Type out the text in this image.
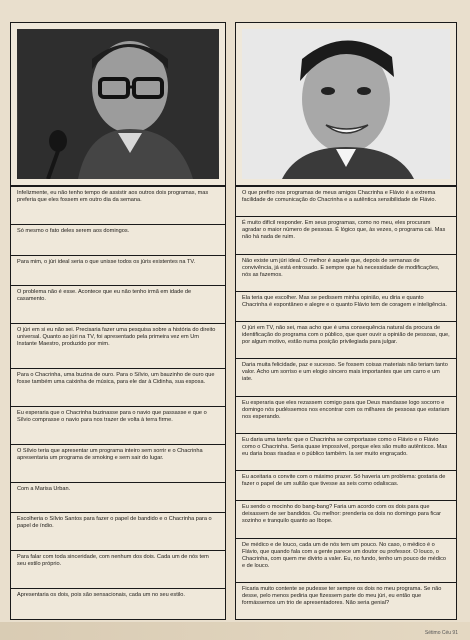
Infelizmente, eu não tenho tempo de assistir aos outros dois programas, mas preferia que eles fossem em outro dia da semana.
Só mesmo o fato deles serem aos domingos.
Para mim, o júri ideal seria o que unisse todos os júris existentes na TV.
O problema não é esse. Acontece que eu não tenho irmã em idade de casamento.
O júri em si eu não sei. Precisaria fazer uma pesquisa sobre a história do direito universal. Quanto ao júri na TV, foi apresentado pela primeira vez em Um Instante Maestro, produzido por mim.
Para o Chacrinha, uma buzina de ouro. Para o Sílvio, um bauzinho de ouro que fosse também uma caixinha de música, para ele dar à Cidinha, sua esposa.
Eu esperaria que o Chacrinha buzinasse para o navio que passasse e que o Sílvio comprasse o navio para nos trazer de volta à terra firme.
O Sílvio teria que apresentar um programa inteiro sem sorrir e o Chacrinha apresentaria um programa de smoking e sem sair do lugar.
Com a Marisa Urban.
Escolheria o Sílvio Santos para fazer o papel de bandido e o Chacrinha para o papel de índio.
Para falar com toda sinceridade, com nenhum dos dois. Cada um de nós tem seu estilo próprio.
Apresentaria os dois, pois são sensacionais, cada um no seu estilo.
O que prefiro nos programas de meus amigos Chacrinha e Flávio é a extrema facilidade de comunicação do Chacrinha e a autêntica sensibilidade de Flávio.
É muito difícil responder. Em seus programas, como no meu, eles procuram agradar o maior número de pessoas. É lógico que, às vezes, o programa cai. Mas não há nada de ruim.
Não existe um júri ideal. O melhor é aquele que, depois de semanas de convivência, já está entrosado. E sempre que há necessidade de modificações, nós as fazemos.
Ela teria que escolher. Mas se pedissem minha opinião, eu diria e quanto Chacrinha é espontâneo e alegre e o quanto Flávio tem de coragem e inteligência.
O júri em TV, não sei, mas acho que é uma consequência natural da procura de identificação do programa com o público, que quer ouvir a opinião de pessoas, que, por algum motivo, estão numa posição privilegiada para julgar.
Daria muita felicidade, paz e sucesso. Se fossem coisas materiais não teriam tanto valor. Acho um sorriso e um elogio sincero mais importantes que um carro e um iate.
Eu esperaria que eles rezassem comigo para que Deus mandasse logo socorro e domingo nós pudéssemos nos encontrar com os milhares de pessoas que estariam nos esperando.
Eu daria uma tarefa: que o Chacrinha se comportasse como o Flávio e o Flávio como o Chacrinha. Seria quase impossível, porque eles são muito autênticos. Mas eu daria boas risadas e o público também. Ia ser muito engraçado.
Eu aceitaria o convite com o máximo prazer. Só haveria um problema: gostaria de fazer o papel de um sultão que tivesse as seis como odaliscas.
Eu sendo o mocinho do bang-bang? Faria um acordo com os dois para que deixassem de ser bandidos. Ou melhor: prenderia os dois no domingo para ficar sozinho e tranquilo quanto ao Ibope.
De médico e de louco, cada um de nós tem um pouco. No caso, o médico é o Flávio, que quando fala com a gente parece um doutor ou professor. O louco, o Chacrinha, com quem me divirto a valer. Eu, no fundo, tenho um pouco de médico e de louco.
Ficaria muito contente se pudesse ter sempre os dois no meu programa. Se não desse, pelo menos pediria que fizessem parte do meu júri, eu então que formássemos um trio de apresentadores. Não seria genial?
Sétimo Céu 91
